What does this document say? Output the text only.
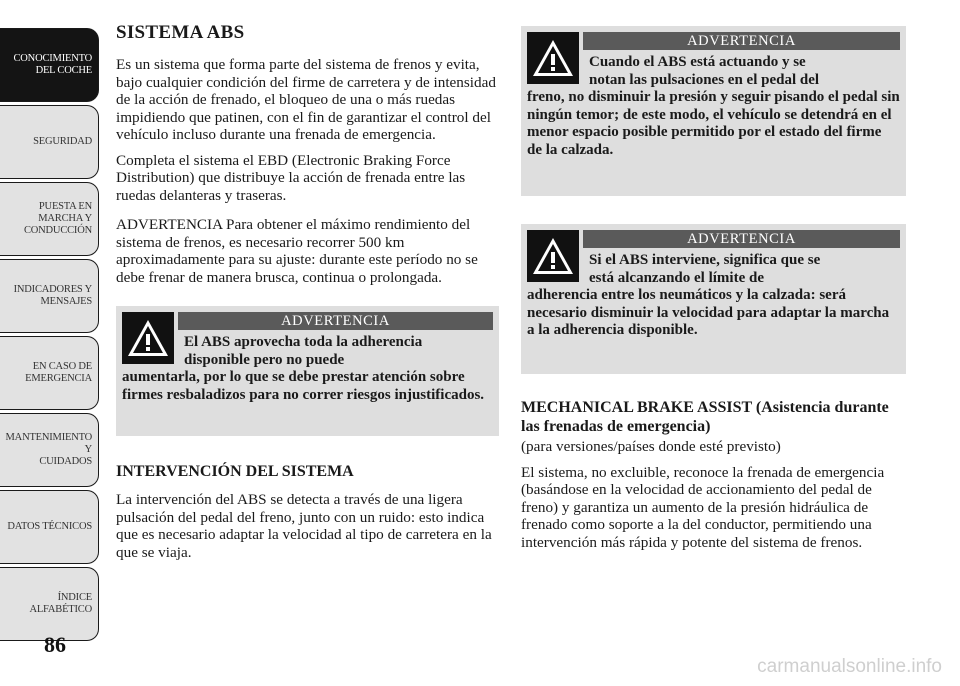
CONOCIMIENTO
DEL COCHE
SEGURIDAD
PUESTA EN
MARCHA Y
CONDUCCIÓN
INDICADORES Y
MENSAJES
EN CASO DE
EMERGENCIA
MANTENIMIENTO Y
CUIDADOS
DATOS TÉCNICOS
ÍNDICE
ALFABÉTICO
86
SISTEMA ABS

Es un sistema que forma parte del sistema de frenos y evita, bajo cualquier condición del firme de carretera y de intensidad de la acción de frenado, el bloqueo de una o más ruedas impidiendo que patinen, con el fin de garantizar el control del vehículo incluso durante una frenada de emergencia.

Completa el sistema el EBD (Electronic Braking Force Distribution) que distribuye la acción de frenada entre las ruedas delanteras y traseras.

ADVERTENCIA Para obtener el máximo rendimiento del sistema de frenos, es necesario recorrer 500 km aproximadamente para su ajuste: durante este período no se debe frenar de manera brusca, continua o prolongada.

ADVERTENCIA
El ABS aprovecha toda la adherencia
disponible pero no puede
aumentarla, por lo que se debe prestar atención sobre firmes resbaladizos para no correr riesgos injustificados.
INTERVENCIÓN DEL SISTEMA

La intervención del ABS se detecta a través de una ligera pulsación del pedal del freno, junto con un ruido: esto indica que es necesario adaptar la velocidad al tipo de carretera en la que se viaja.

ADVERTENCIA
Cuando el ABS está actuando y se
notan las pulsaciones en el pedal del
freno, no disminuir la presión y seguir pisando el pedal sin ningún temor; de este modo, el vehículo se detendrá en el menor espacio posible permitido por el estado del firme de la calzada.
ADVERTENCIA
Si el ABS interviene, significa que se
está alcanzando el límite de
adherencia entre los neumáticos y la calzada: será necesario disminuir la velocidad para adaptar la marcha a la adherencia disponible.
MECHANICAL BRAKE ASSIST (Asistencia durante las frenadas de emergencia)

(para versiones/países donde esté previsto)

El sistema, no excluible, reconoce la frenada de emergencia (basándose en la velocidad de accionamiento del pedal de freno) y garantiza un aumento de la presión hidráulica de frenado como soporte a la del conductor, permitiendo una intervención más rápida y potente del sistema de frenos.

carmanualsonline.info
